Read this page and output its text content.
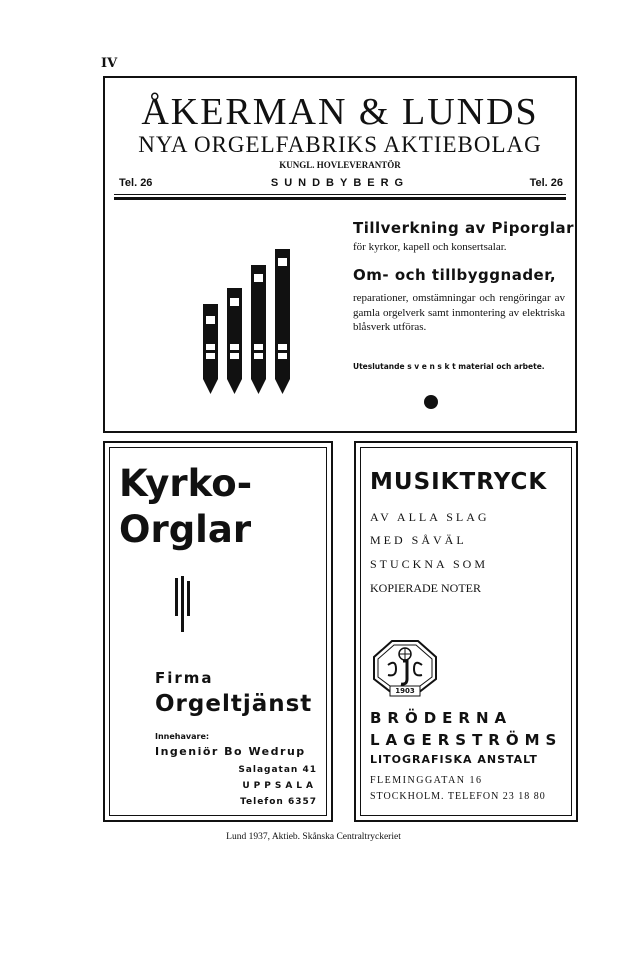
IV
ÅKERMAN & LUNDS
NYA ORGELFABRIKS AKTIEBOLAG
KUNGL. HOVLEVERANTÖR
Tel. 26	SUNDBYBERG	Tel. 26
Tillverkning av Piporglar
för kyrkor, kapell och konsertsalar.
Om- och tillbyggnader,
reparationer, omstämningar och rengöringar av gamla orgelverk samt inmontering av elektriska blåsverk utföras.
Uteslutande s v e n s k t material och arbete.
Kyrko-
Orglar
Firma
Orgeltjänst
Innehavare:
Ingeniör Bo Wedrup
Salagatan 41
UPPSALA
Telefon 6357
MUSIKTRYCK
AV ALLA SLAG
MED SÅVÄL
STUCKNA SOM
KOPIERADE NOTER
1903
BRÖDERNA
LAGERSTRÖMS
LITOGRAFISKA ANSTALT
FLEMINGGATAN 16
STOCKHOLM. TELEFON 23 18 80
Lund 1937, Aktieb. Skånska Centraltryckeriet
